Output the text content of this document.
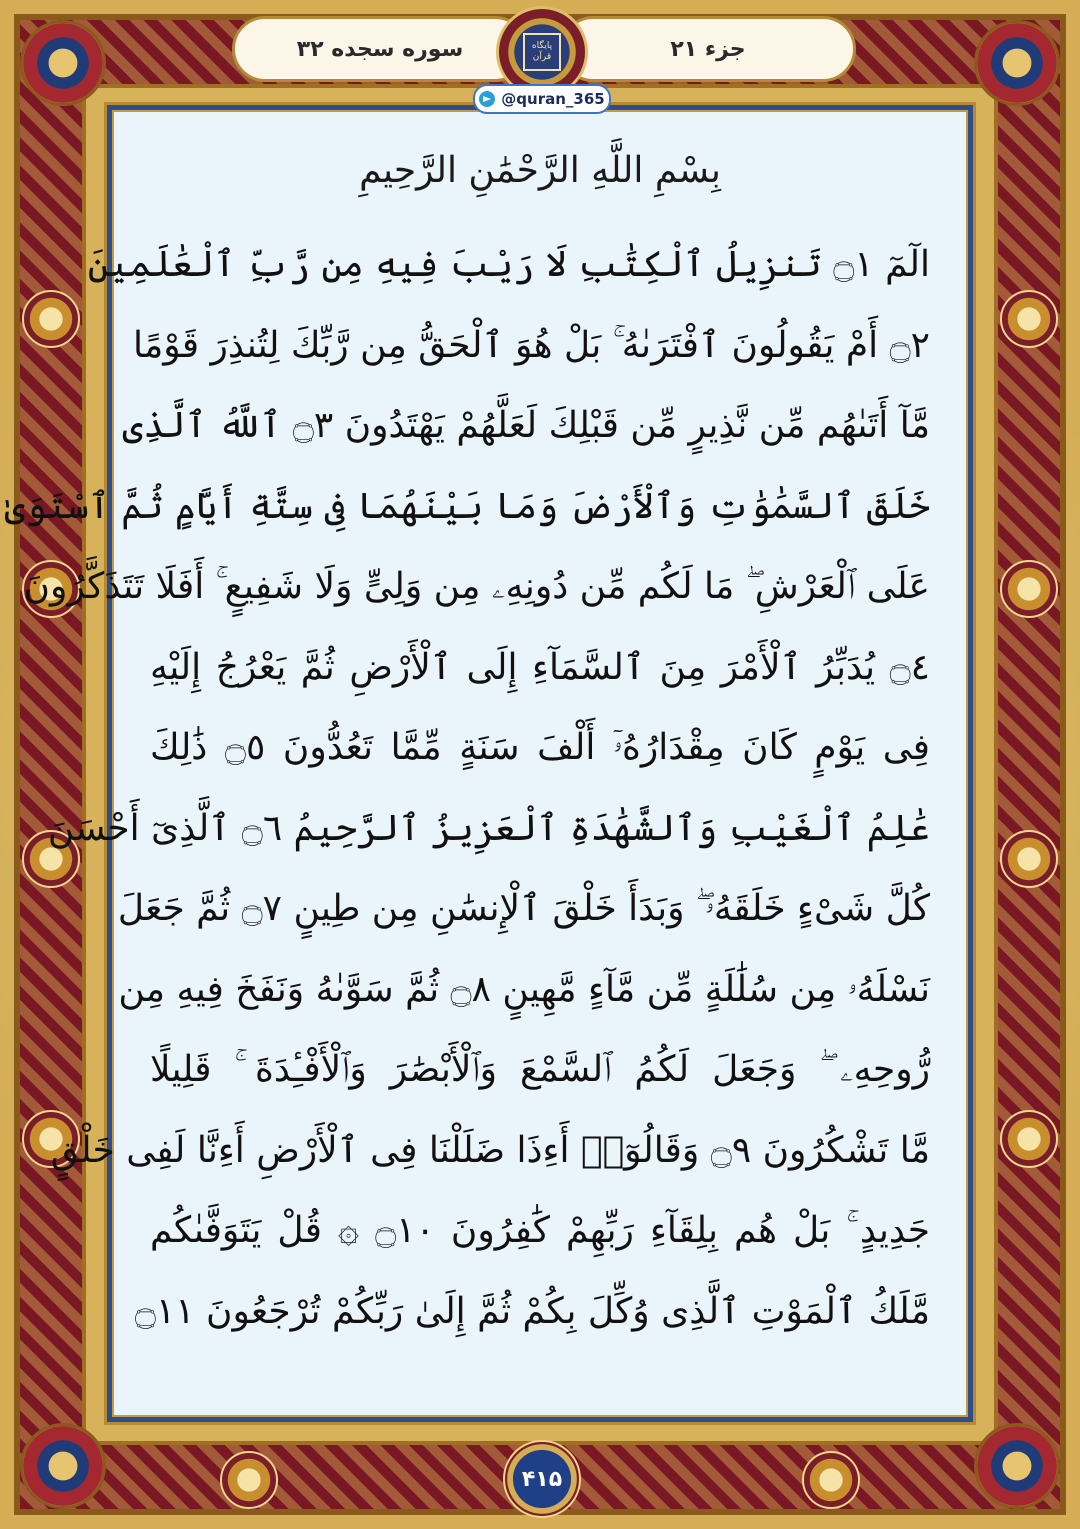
سوره سجده ۳۲	جزء ۲۱
پایگاه قرآن
@quran_365
بِسْمِ اللَّهِ الرَّحْمَٰنِ الرَّحِيمِ
الٓمٓ ۝١ تَنزِيلُ ٱلْكِتَٰبِ لَا رَيْبَ فِيهِ مِن رَّبِّ ٱلْعَٰلَمِينَ
۝٢ أَمْ يَقُولُونَ ٱفْتَرَىٰهُ ۚ بَلْ هُوَ ٱلْحَقُّ مِن رَّبِّكَ لِتُنذِرَ قَوْمًا
مَّآ أَتَىٰهُم مِّن نَّذِيرٍ مِّن قَبْلِكَ لَعَلَّهُمْ يَهْتَدُونَ ۝٣ ٱللَّهُ ٱلَّذِى
خَلَقَ ٱلسَّمَٰوَٰتِ وَٱلْأَرْضَ وَمَا بَيْنَهُمَا فِى سِتَّةِ أَيَّامٍ ثُمَّ ٱسْتَوَىٰ
عَلَى ٱلْعَرْشِ ۖ مَا لَكُم مِّن دُونِهِۦ مِن وَلِىٍّ وَلَا شَفِيعٍ ۚ أَفَلَا تَتَذَكَّرُونَ
۝٤ يُدَبِّرُ ٱلْأَمْرَ مِنَ ٱلسَّمَآءِ إِلَى ٱلْأَرْضِ ثُمَّ يَعْرُجُ إِلَيْهِ
فِى يَوْمٍ كَانَ مِقْدَارُهُۥٓ أَلْفَ سَنَةٍ مِّمَّا تَعُدُّونَ ۝٥ ذَٰلِكَ
عَٰلِمُ ٱلْغَيْبِ وَٱلشَّهَٰدَةِ ٱلْعَزِيزُ ٱلرَّحِيمُ ۝٦ ٱلَّذِىٓ أَحْسَنَ
كُلَّ شَىْءٍ خَلَقَهُۥ ۖ وَبَدَأَ خَلْقَ ٱلْإِنسَٰنِ مِن طِينٍ ۝٧ ثُمَّ جَعَلَ
نَسْلَهُۥ مِن سُلَٰلَةٍ مِّن مَّآءٍ مَّهِينٍ ۝٨ ثُمَّ سَوَّىٰهُ وَنَفَخَ فِيهِ مِن
رُّوحِهِۦ ۖ وَجَعَلَ لَكُمُ ٱلسَّمْعَ وَٱلْأَبْصَٰرَ وَٱلْأَفْـِٔدَةَ ۚ قَلِيلًا
مَّا تَشْكُرُونَ ۝٩ وَقَالُوٓا۟ أَءِذَا ضَلَلْنَا فِى ٱلْأَرْضِ أَءِنَّا لَفِى خَلْقٍ
جَدِيدٍ ۚ بَلْ هُم بِلِقَآءِ رَبِّهِمْ كَٰفِرُونَ ۝١٠ ۞ قُلْ يَتَوَفَّىٰكُم
مَّلَكُ ٱلْمَوْتِ ٱلَّذِى وُكِّلَ بِكُمْ ثُمَّ إِلَىٰ رَبِّكُمْ تُرْجَعُونَ ۝١١
۴۱۵
